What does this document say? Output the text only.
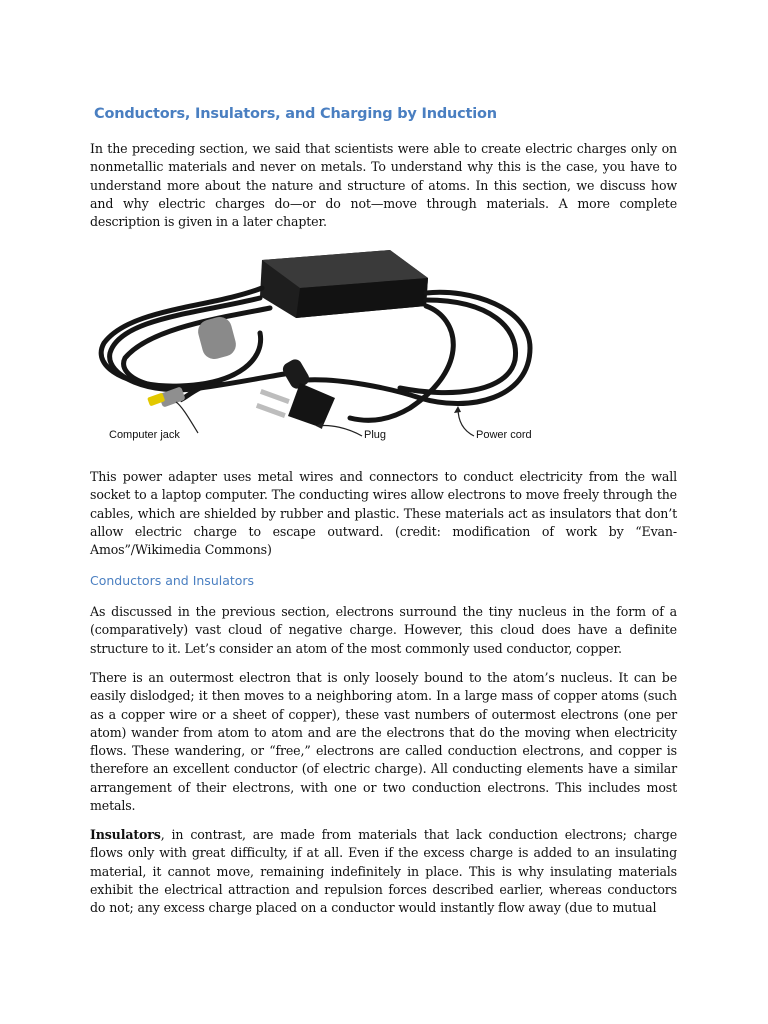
Conductors, Insulators, and Charging by Induction
In the preceding section, we said that scientists were able to create electric charges only on nonmetallic materials and never on metals. To understand why this is the case, you have to understand more about the nature and structure of atoms. In this section, we discuss how and why electric charges do—or do not—move through materials. A more complete description is given in a later chapter.
Computer jack	Plug	Power cord
This power adapter uses metal wires and connectors to conduct electricity from the wall socket to a laptop computer. The conducting wires allow electrons to move freely through the cables, which are shielded by rubber and plastic. These materials act as insulators that don’t allow electric charge to escape outward. (credit: modification of work by “Evan-Amos”/Wikimedia Commons)
Conductors and Insulators
As discussed in the previous section, electrons surround the tiny nucleus in the form of a (comparatively) vast cloud of negative charge. However, this cloud does have a definite structure to it. Let’s consider an atom of the most commonly used conductor, copper.
There is an outermost electron that is only loosely bound to the atom’s nucleus. It can be easily dislodged; it then moves to a neighboring atom. In a large mass of copper atoms (such as a copper wire or a sheet of copper), these vast numbers of outermost electrons (one per atom) wander from atom to atom and are the electrons that do the moving when electricity flows. These wandering, or “free,” electrons are called conduction electrons, and copper is therefore an excellent conductor (of electric charge). All conducting elements have a similar arrangement of their electrons, with one or two conduction electrons. This includes most metals.
Insulators, in contrast, are made from materials that lack conduction electrons; charge flows only with great difficulty, if at all. Even if the excess charge is added to an insulating material, it cannot move, remaining indefinitely in place. This is why insulating materials exhibit the electrical attraction and repulsion forces described earlier, whereas conductors do not; any excess charge placed on a conductor would instantly flow away (due to mutual
